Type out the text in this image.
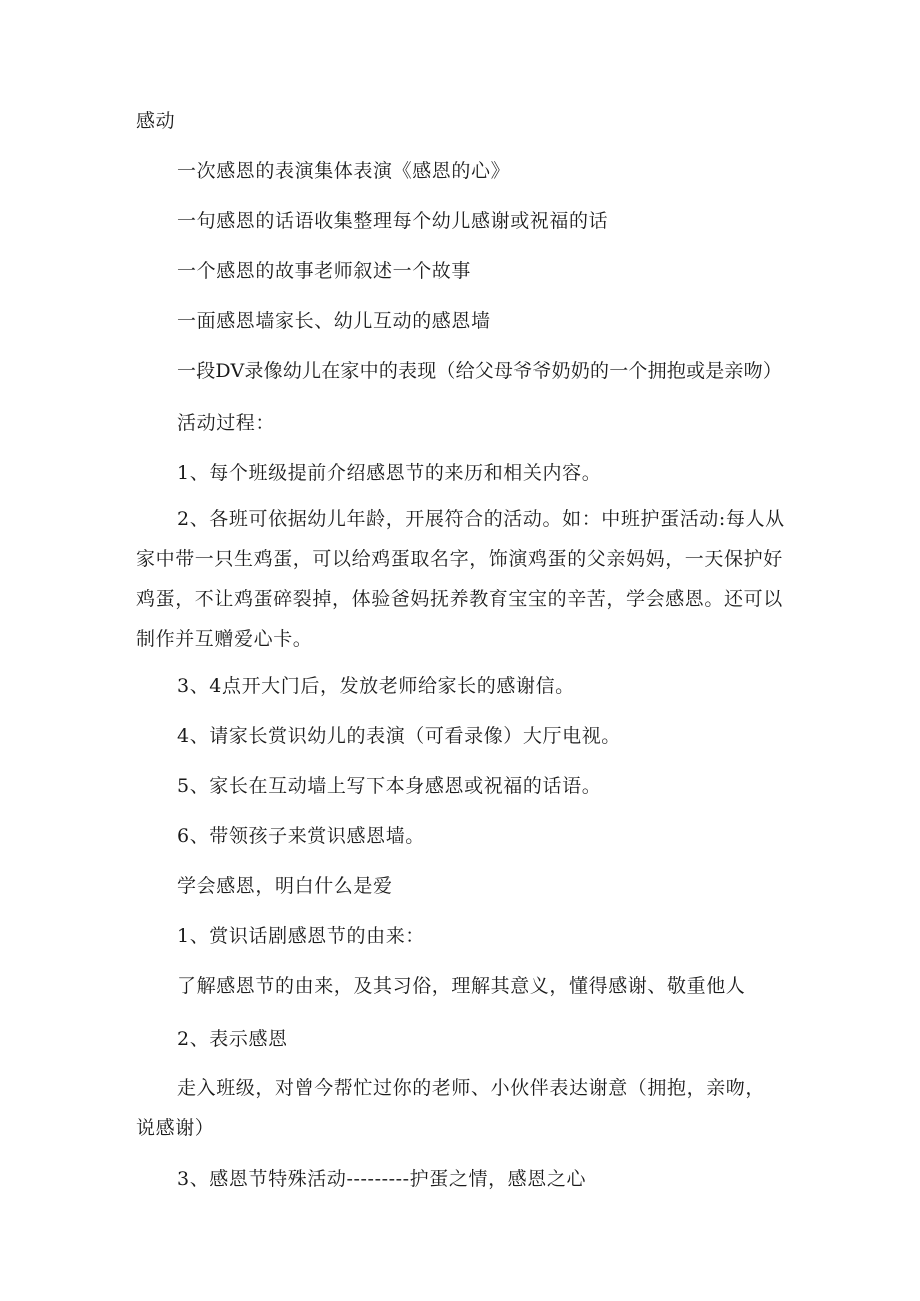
感动
一次感恩的表演集体表演《感恩的心》
一句感恩的话语收集整理每个幼儿感谢或祝福的话
一个感恩的故事老师叙述一个故事
一面感恩墙家长、幼儿互动的感恩墙
一段DV录像幼儿在家中的表现（给父母爷爷奶奶的一个拥抱或是亲吻）
活动过程：
1、每个班级提前介绍感恩节的来历和相关内容。
2、各班可依据幼儿年龄，开展符合的活动。如：中班护蛋活动:每人从家中带一只生鸡蛋，可以给鸡蛋取名字，饰演鸡蛋的父亲妈妈，一天保护好鸡蛋，不让鸡蛋碎裂掉，体验爸妈抚养教育宝宝的辛苦，学会感恩。还可以制作并互赠爱心卡。
3、4点开大门后，发放老师给家长的感谢信。
4、请家长赏识幼儿的表演（可看录像）大厅电视。
5、家长在互动墙上写下本身感恩或祝福的话语。
6、带领孩子来赏识感恩墙。
学会感恩，明白什么是爱
1、赏识话剧感恩节的由来：
了解感恩节的由来，及其习俗，理解其意义，懂得感谢、敬重他人
2、表示感恩
走入班级，对曾今帮忙过你的老师、小伙伴表达谢意（拥抱，亲吻，说感谢）
3、感恩节特殊活动---------护蛋之情，感恩之心
